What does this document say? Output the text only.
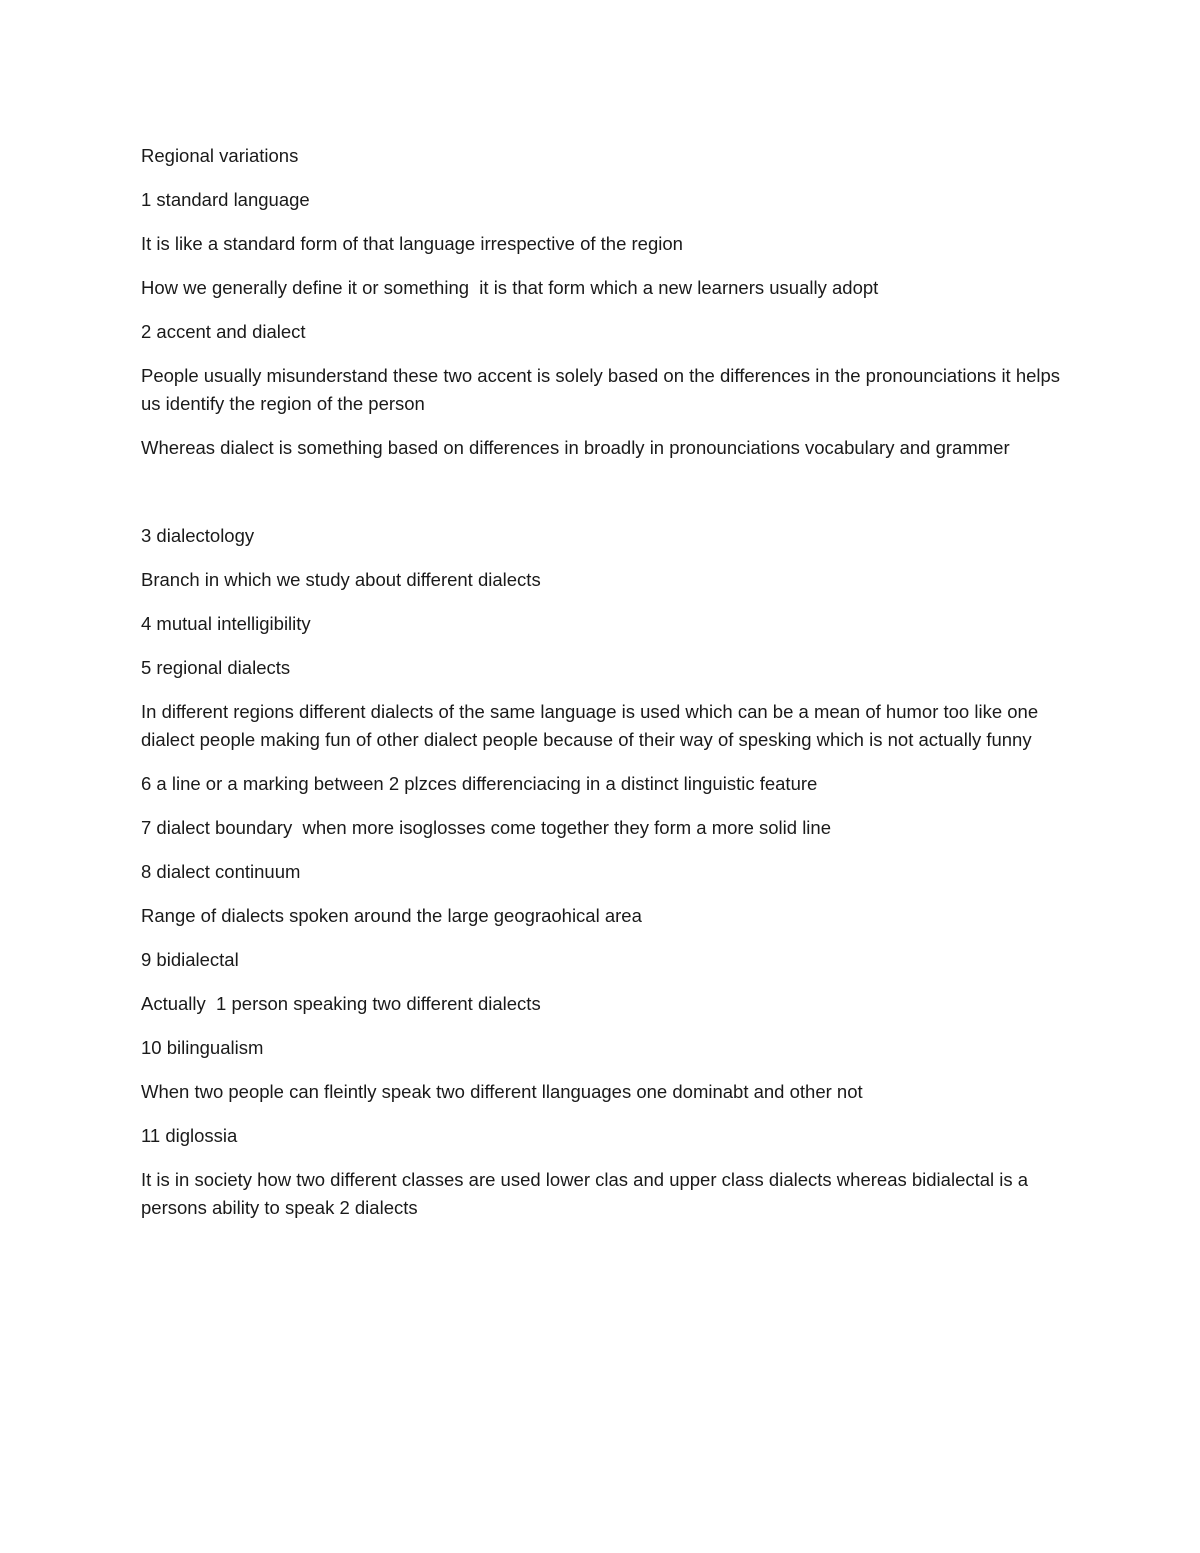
Regional variations

1 standard language

It is like a standard form of that language irrespective of the region

How we generally define it or something  it is that form which a new learners usually adopt

2 accent and dialect

People usually misunderstand these two accent is solely based on the differences in the pronounciations it helps us identify the region of the person

Whereas dialect is something based on differences in broadly in pronounciations vocabulary and grammer

3 dialectology

Branch in which we study about different dialects

4 mutual intelligibility

5 regional dialects

In different regions different dialects of the same language is used which can be a mean of humor too like one dialect people making fun of other dialect people because of their way of spesking which is not actually funny

6 a line or a marking between 2 plzces differenciacing in a distinct linguistic feature

7 dialect boundary  when more isoglosses come together they form a more solid line

8 dialect continuum

Range of dialects spoken around the large geograohical area

9 bidialectal

Actually  1 person speaking two different dialects

10 bilingualism

When two people can fleintly speak two different llanguages one dominabt and other not

11 diglossia

It is in society how two different classes are used lower clas and upper class dialects whereas bidialectal is a persons ability to speak 2 dialects
